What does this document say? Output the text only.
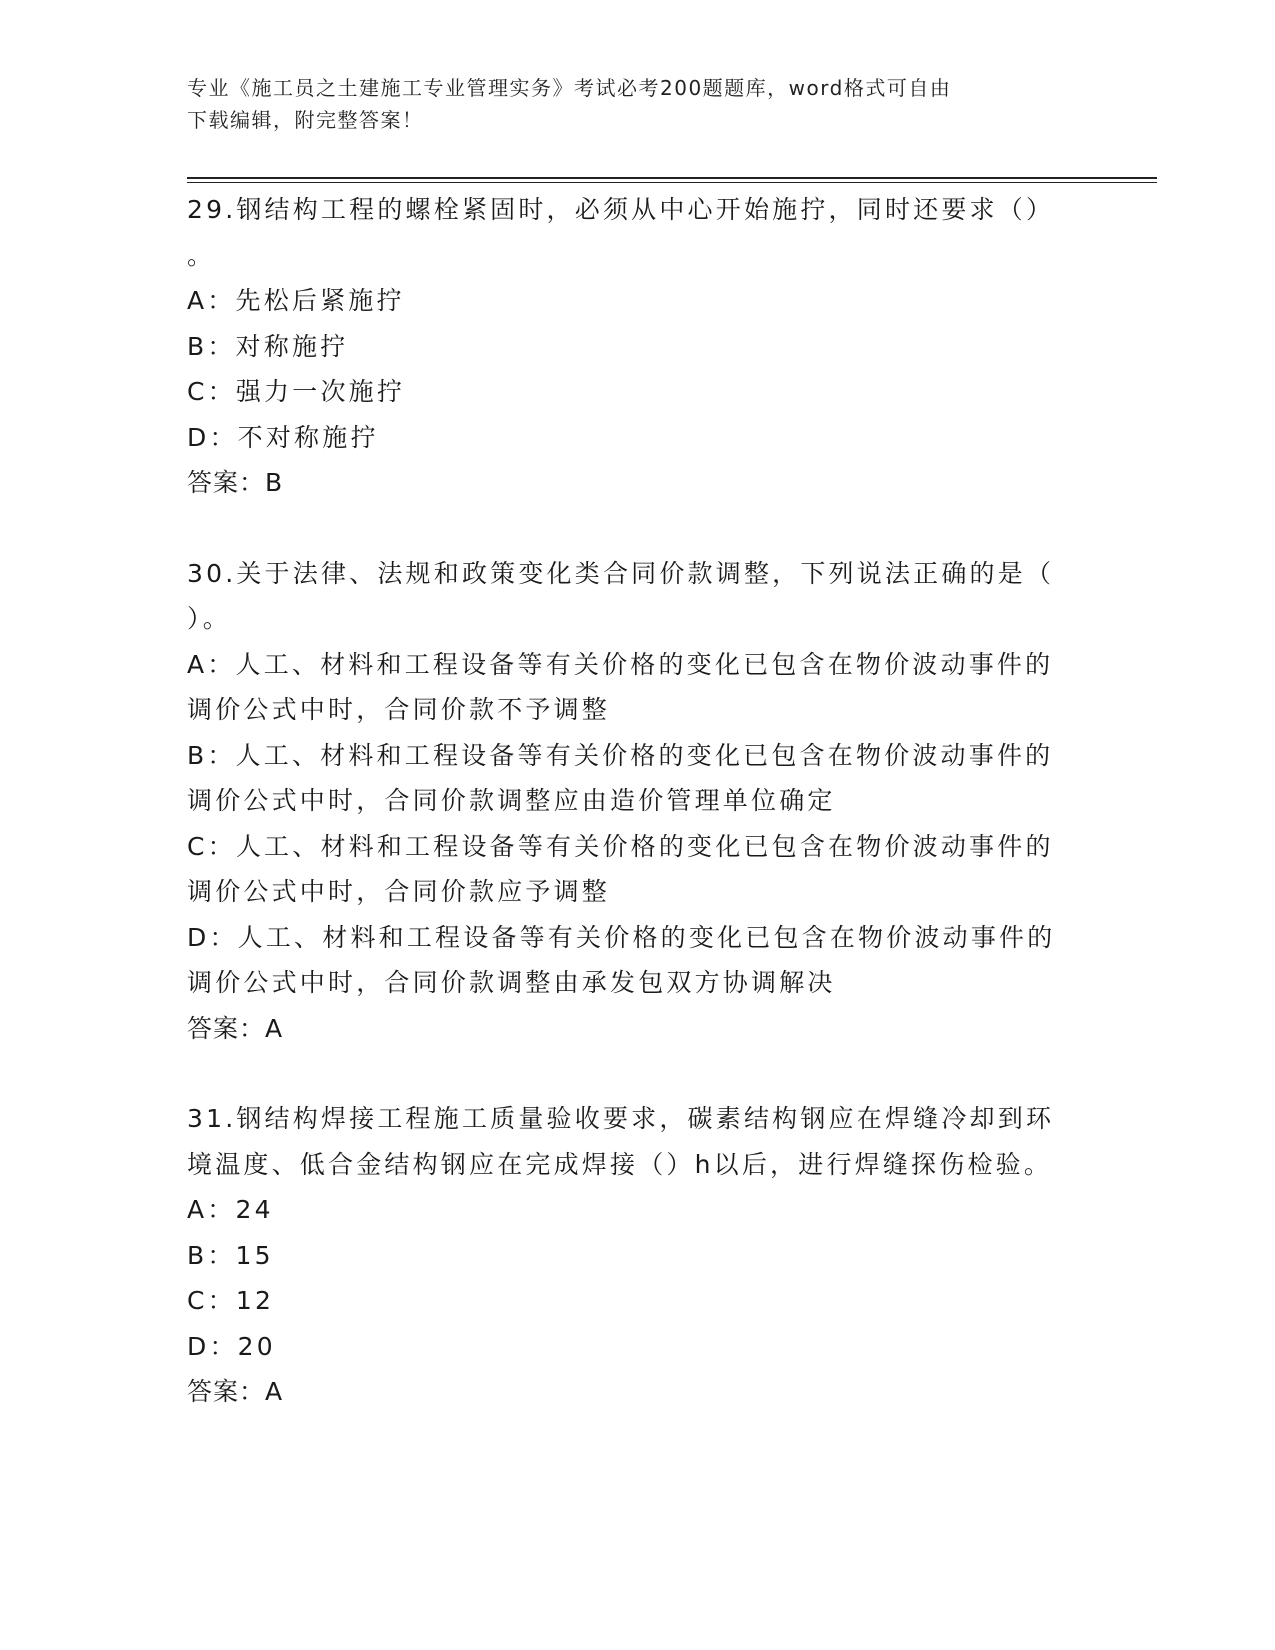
专业《施工员之土建施工专业管理实务》考试必考200题题库，word格式可自由
下载编辑，附完整答案！
29.钢结构工程的螺栓紧固时，必须从中心开始施拧，同时还要求（）
。
A：先松后紧施拧
B：对称施拧
C：强力一次施拧
D：不对称施拧
答案：B
30.关于法律、法规和政策变化类合同价款调整，下列说法正确的是（
）。
A：人工、材料和工程设备等有关价格的变化已包含在物价波动事件的
调价公式中时，合同价款不予调整
B：人工、材料和工程设备等有关价格的变化已包含在物价波动事件的
调价公式中时，合同价款调整应由造价管理单位确定
C：人工、材料和工程设备等有关价格的变化已包含在物价波动事件的
调价公式中时，合同价款应予调整
D：人工、材料和工程设备等有关价格的变化已包含在物价波动事件的
调价公式中时，合同价款调整由承发包双方协调解决
答案：A
31.钢结构焊接工程施工质量验收要求，碳素结构钢应在焊缝冷却到环
境温度、低合金结构钢应在完成焊接（）h以后，进行焊缝探伤检验。
A：24
B：15
C：12
D：20
答案：A
